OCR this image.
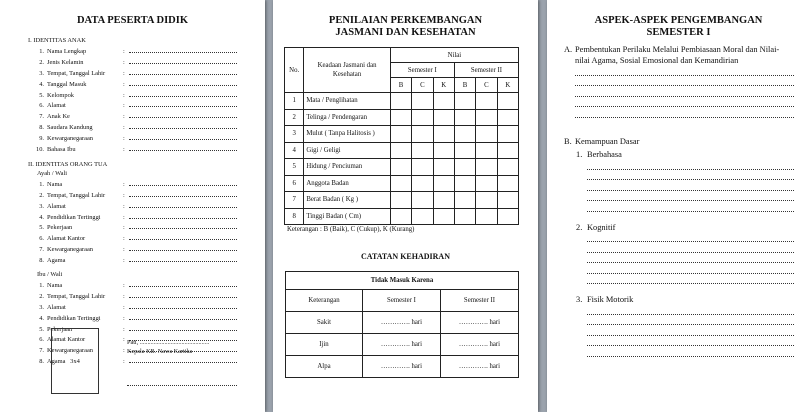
DATA PESERTA DIDIK
I. IDENTITAS ANAK
1. Nama Lengkap	:
2. Jenis Kelamin	:
3. Tempat, Tanggal Lahir	:
4. Tanggal Masuk	:
5. Kelompok	:
6. Alamat	:
7. Anak Ke	:
8. Saudara Kandung	:
9. Kewarganegaraan	:
10. Bahasa Ibu	:
II. IDENTITAS ORANG TUA
Ayah / Wali
1. Nama	:
2. Tempat, Tanggal Lahir	:
3. Alamat	:
4. Pendidikan Tertinggi	:
5. Pekerjaan	:
6. Alamat Kantor	:
7. Kewarganegaraan	:
8. Agama	:
Ibu / Wali
1. Nama	:
2. Tempat, Tanggal Lahir	:
3. Alamat	:
4. Pendidikan Tertinggi	:
5. Pekerjaan	:
6. Alamat Kantor	:
7. Kewarganegaraan	:
8. Agama	:
3x4
Pati, .............................................
Kepala KB. Nawa Kartika
PENILAIAN PERKEMBANGAN
JASMANI DAN KESEHATAN
No.	Keadaan Jasmani dan Kesehatan	Nilai					
		Semester I			Semester II		
		B	C	K	B	C	K
1	Mata / Penglihatan						
2	Telinga / Pendengaran						
3	Mulut ( Tanpa Halitosis )						
4	Gigi / Geligi						
5	Hidung / Penciuman						
6	Anggota Badan						
7	Berat Badan ( Kg )						
8	Tinggi Badan ( Cm)						
Keterangan : B (Baik), C (Cukup), K (Kurang)
CATATAN KEHADIRAN
Tidak Masuk Karena		
Keterangan	Semester I	Semester II
Sakit	…………. hari	…………. hari
Ijin	…………. hari	…………. hari
Alpa	…………. hari	…………. hari
ASPEK-ASPEK PENGEMBANGAN
SEMESTER I
A. Pembentukan Perilaku Melalui Pembiasaan Moral dan Nilai-nilai Agama, Sosial Emosional dan Kemandirian
B. Kemampuan Dasar
1. Berbahasa
2. Kognitif
3. Fisik Motorik
